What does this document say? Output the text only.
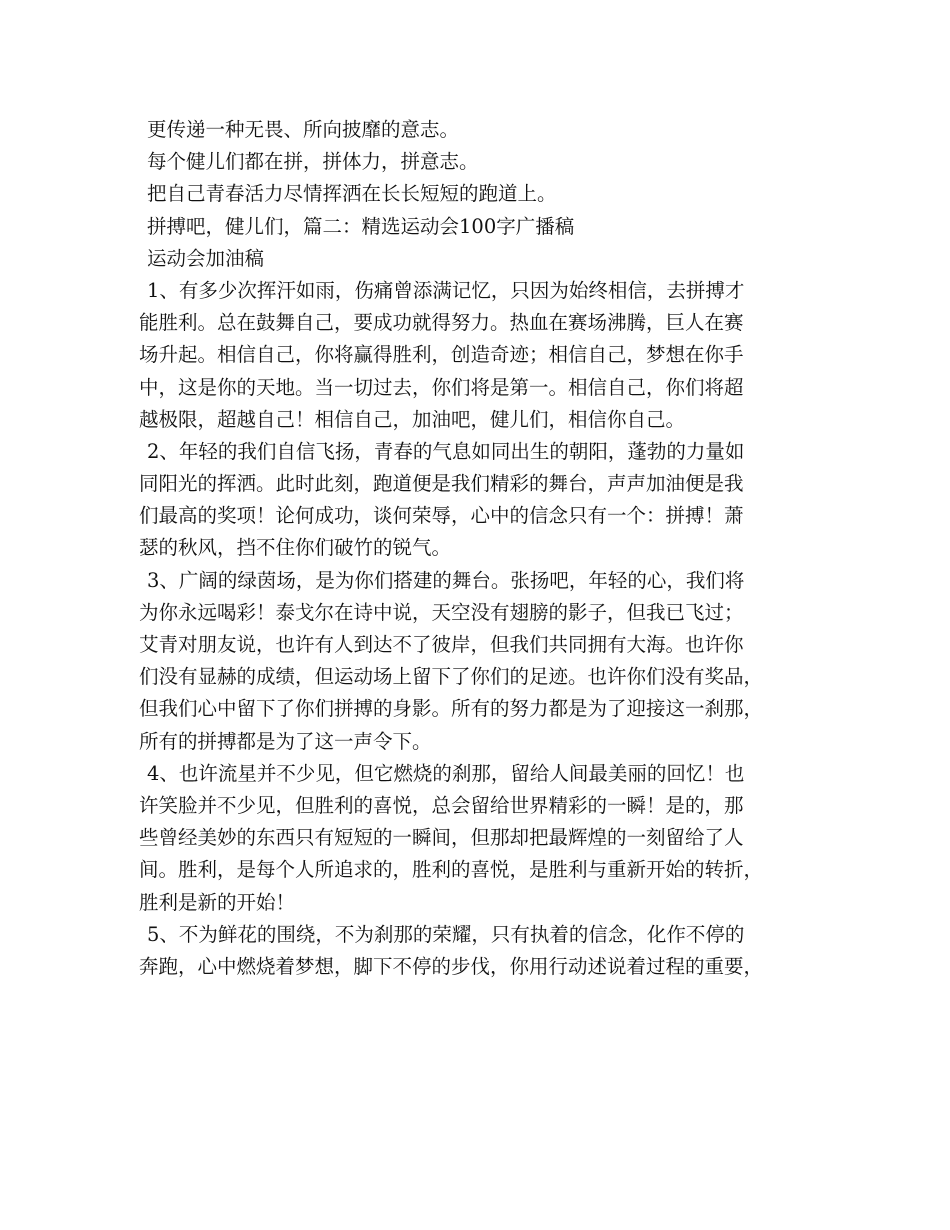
更传递一种无畏、所向披靡的意志。
每个健儿们都在拼，拼体力，拼意志。
把自己青春活力尽情挥洒在长长短短的跑道上。
拼搏吧，健儿们，篇二：精选运动会100字广播稿
运动会加油稿
1、有多少次挥汗如雨，伤痛曾添满记忆，只因为始终相信，去拼搏才
能胜利。总在鼓舞自己，要成功就得努力。热血在赛场沸腾，巨人在赛
场升起。相信自己，你将赢得胜利，创造奇迹；相信自己，梦想在你手
中，这是你的天地。当一切过去，你们将是第一。相信自己，你们将超
越极限，超越自己！相信自己，加油吧，健儿们，相信你自己。
2、年轻的我们自信飞扬，青春的气息如同出生的朝阳，蓬勃的力量如
同阳光的挥洒。此时此刻，跑道便是我们精彩的舞台，声声加油便是我
们最高的奖项！论何成功，谈何荣辱，心中的信念只有一个：拼搏！萧
瑟的秋风，挡不住你们破竹的锐气。
3、广阔的绿茵场，是为你们搭建的舞台。张扬吧，年轻的心，我们将
为你永远喝彩！泰戈尔在诗中说，天空没有翅膀的影子，但我已飞过；
艾青对朋友说，也许有人到达不了彼岸，但我们共同拥有大海。也许你
们没有显赫的成绩，但运动场上留下了你们的足迹。也许你们没有奖品，
但我们心中留下了你们拼搏的身影。所有的努力都是为了迎接这一刹那，
所有的拼搏都是为了这一声令下。
4、也许流星并不少见，但它燃烧的刹那，留给人间最美丽的回忆！也
许笑脸并不少见，但胜利的喜悦，总会留给世界精彩的一瞬！是的，那
些曾经美妙的东西只有短短的一瞬间，但那却把最辉煌的一刻留给了人
间。胜利，是每个人所追求的，胜利的喜悦，是胜利与重新开始的转折，
胜利是新的开始！
5、不为鲜花的围绕，不为刹那的荣耀，只有执着的信念，化作不停的
奔跑，心中燃烧着梦想，脚下不停的步伐，你用行动述说着过程的重要，
